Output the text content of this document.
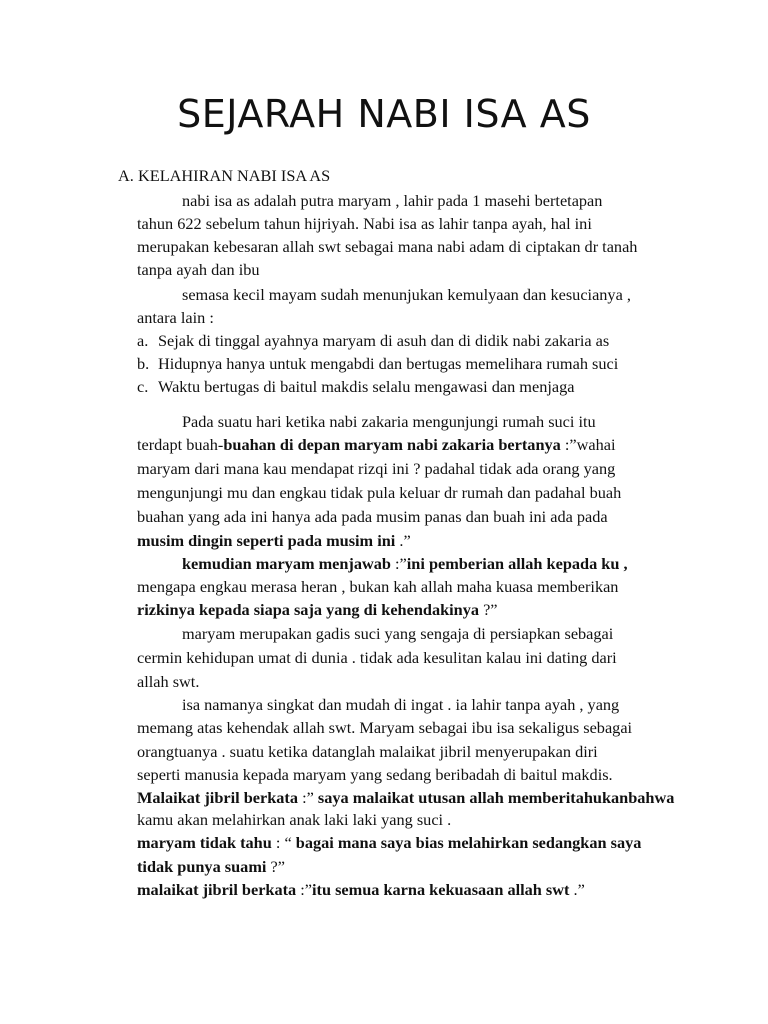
SEJARAH NABI ISA AS
A. KELAHIRAN NABI ISA AS
nabi isa as adalah putra maryam , lahir pada 1 masehi bertetapan
tahun 622 sebelum tahun hijriyah. Nabi isa as lahir tanpa ayah, hal ini
merupakan kebesaran allah swt sebagai mana nabi adam di ciptakan dr tanah
tanpa ayah dan ibu
semasa kecil mayam sudah menunjukan kemulyaan dan kesucianya ,
antara lain :
a. Sejak di tinggal ayahnya maryam di asuh dan di didik nabi zakaria as
b. Hidupnya hanya untuk mengabdi dan bertugas memelihara rumah suci
c. Waktu bertugas di baitul makdis selalu mengawasi dan menjaga
Pada suatu hari ketika nabi zakaria mengunjungi rumah suci itu
terdapt buah-buahan di depan maryam nabi zakaria bertanya :”wahai
maryam dari mana kau mendapat rizqi ini ? padahal tidak ada orang yang
mengunjungi mu dan engkau tidak pula keluar dr rumah dan padahal buah
buahan yang ada ini hanya ada pada musim panas dan buah ini ada pada
musim dingin seperti pada musim ini .”
kemudian maryam menjawab :”ini pemberian allah kepada ku ,
mengapa engkau merasa heran , bukan kah allah maha kuasa memberikan
rizkinya kepada siapa saja yang di kehendakinya ?”
maryam merupakan gadis suci yang sengaja di persiapkan sebagai
cermin kehidupan umat di dunia . tidak ada kesulitan kalau ini dating dari
allah swt.
isa namanya singkat dan mudah di ingat . ia lahir tanpa ayah , yang
memang atas kehendak allah swt. Maryam sebagai ibu isa sekaligus sebagai
orangtuanya . suatu ketika datanglah malaikat jibril menyerupakan diri
seperti manusia kepada maryam yang sedang beribadah di baitul makdis.
Malaikat jibril berkata :” saya malaikat utusan allah memberitahukanbahwa
kamu akan melahirkan anak laki laki yang suci .
maryam tidak tahu : “ bagai mana saya bias melahirkan sedangkan saya
tidak punya suami ?”
malaikat jibril berkata :”itu semua karna kekuasaan allah swt .”
